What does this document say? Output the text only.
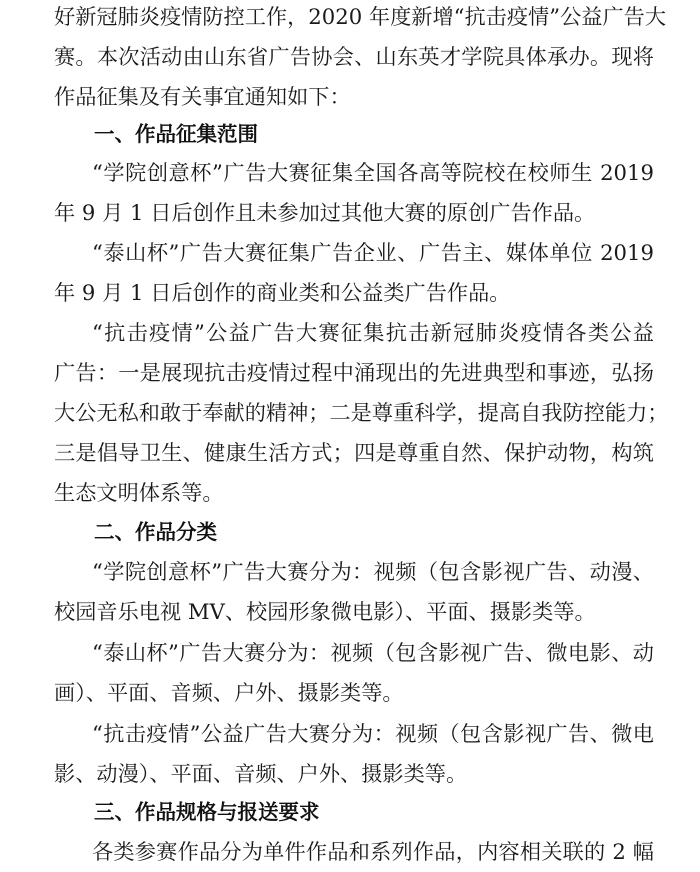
好新冠肺炎疫情防控工作，2020 年度新增“抗击疫情”公益广告大
赛。本次活动由山东省广告协会、山东英才学院具体承办。现将
作品征集及有关事宜通知如下：
一、作品征集范围
“学院创意杯”广告大赛征集全国各高等院校在校师生 2019
年 9 月 1 日后创作且未参加过其他大赛的原创广告作品。
“泰山杯”广告大赛征集广告企业、广告主、媒体单位 2019
年 9 月 1 日后创作的商业类和公益类广告作品。
“抗击疫情”公益广告大赛征集抗击新冠肺炎疫情各类公益
广告：一是展现抗击疫情过程中涌现出的先进典型和事迹，弘扬
大公无私和敢于奉献的精神；二是尊重科学，提高自我防控能力；
三是倡导卫生、健康生活方式；四是尊重自然、保护动物，构筑
生态文明体系等。
二、作品分类
“学院创意杯”广告大赛分为：视频（包含影视广告、动漫、
校园音乐电视 MV、校园形象微电影）、平面、摄影类等。
“泰山杯”广告大赛分为：视频（包含影视广告、微电影、动
画）、平面、音频、户外、摄影类等。
“抗击疫情”公益广告大赛分为：视频（包含影视广告、微电
影、动漫）、平面、音频、户外、摄影类等。
三、作品规格与报送要求
各类参赛作品分为单件作品和系列作品，内容相关联的 2 幅
